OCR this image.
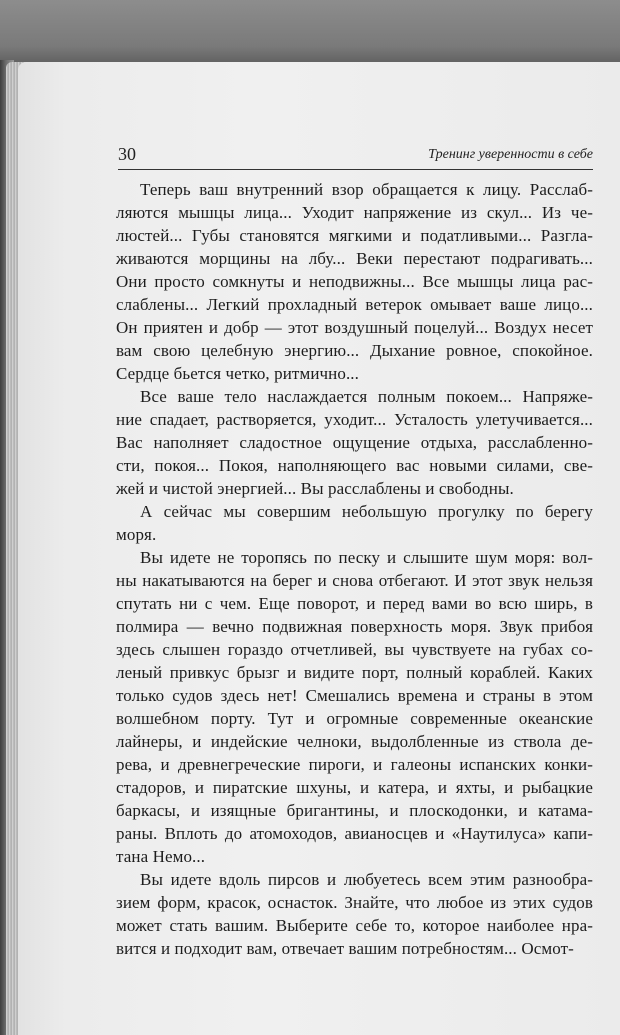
30	Тренинг уверенности в себе
Теперь ваш внутренний взор обращается к лицу. Расслаб-
ляются мышцы лица... Уходит напряжение из скул... Из че-
люстей... Губы становятся мягкими и податливыми... Разгла-
живаются морщины на лбу... Веки перестают подрагивать...
Они просто сомкнуты и неподвижны... Все мышцы лица рас-
слаблены... Легкий прохладный ветерок омывает ваше лицо...
Он приятен и добр — этот воздушный поцелуй... Воздух несет
вам свою целебную энергию... Дыхание ровное, спокойное.
Сердце бьется четко, ритмично...
Все ваше тело наслаждается полным покоем... Напряже-
ние спадает, растворяется, уходит... Усталость улетучивается...
Вас наполняет сладостное ощущение отдыха, расслабленно-
сти, покоя... Покоя, наполняющего вас новыми силами, све-
жей и чистой энергией... Вы расслаблены и свободны.
А сейчас мы совершим небольшую прогулку по берегу
моря.
Вы идете не торопясь по песку и слышите шум моря: вол-
ны накатываются на берег и снова отбегают. И этот звук нельзя
спутать ни с чем. Еще поворот, и перед вами во всю ширь, в
полмира — вечно подвижная поверхность моря. Звук прибоя
здесь слышен гораздо отчетливей, вы чувствуете на губах со-
леный привкус брызг и видите порт, полный кораблей. Каких
только судов здесь нет! Смешались времена и страны в этом
волшебном порту. Тут и огромные современные океанские
лайнеры, и индейские челноки, выдолбленные из ствола де-
рева, и древнегреческие пироги, и галеоны испанских конки-
стадоров, и пиратские шхуны, и катера, и яхты, и рыбацкие
баркасы, и изящные бригантины, и плоскодонки, и катама-
раны. Вплоть до атомоходов, авианосцев и «Наутилуса» капи-
тана Немо...
Вы идете вдоль пирсов и любуетесь всем этим разнообра-
зием форм, красок, оснасток. Знайте, что любое из этих судов
может стать вашим. Выберите себе то, которое наиболее нра-
вится и подходит вам, отвечает вашим потребностям... Осмот-
